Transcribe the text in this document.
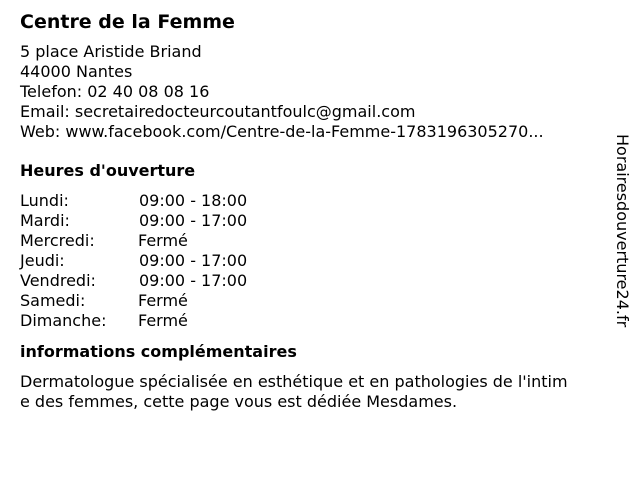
Centre de la Femme
5 place Aristide Briand
44000 Nantes
Telefon: 02 40 08 08 16
Email: secretairedocteurcoutantfoulc@gmail.com
Web: www.facebook.com/Centre-de-la-Femme-1783196305270...
Heures d'ouverture
Lundi:	09:00 - 18:00
Mardi:	09:00 - 17:00
Mercredi:	Fermé
Jeudi:	09:00 - 17:00
Vendredi:	09:00 - 17:00
Samedi:	Fermé
Dimanche: Fermé
informations complémentaires
Dermatologue spécialisée en esthétique et en pathologies de l'intime des femmes, cette page vous est dédiée Mesdames.
Horairesdouverture24.fr
